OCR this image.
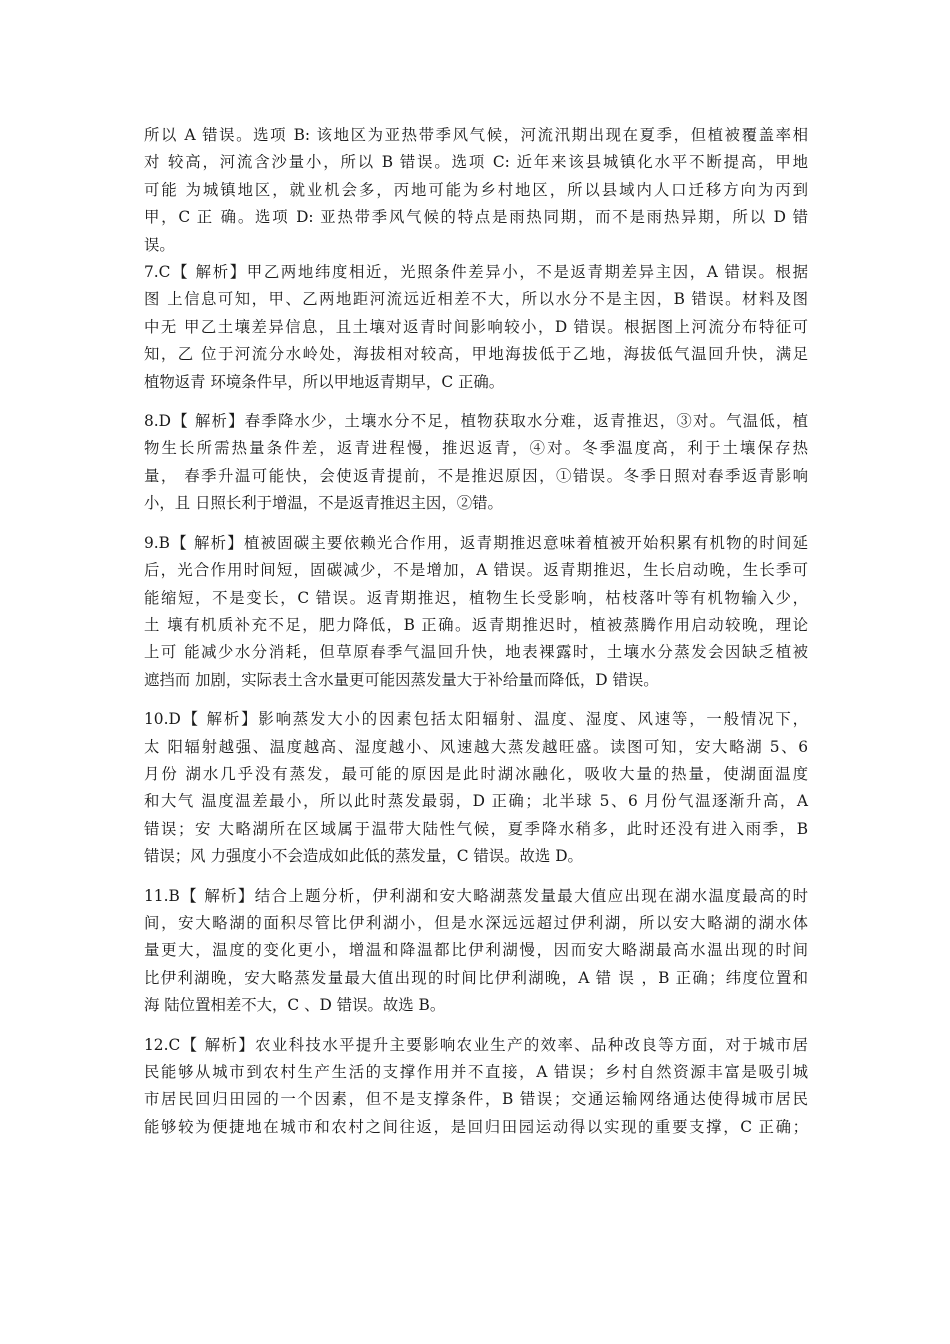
所以 A 错误。选项 B: 该地区为亚热带季风气候，河流汛期出现在夏季，但植被覆盖率相
对 较高，河流含沙量小，所以 B 错误。选项 C: 近年来该县城镇化水平不断提高，甲地
可能 为城镇地区，就业机会多，丙地可能为乡村地区，所以县域内人口迁移方向为丙到
甲，C 正 确。选项 D: 亚热带季风气候的特点是雨热同期，而不是雨热异期，所以 D 错
误。

7.C【 解析】甲乙两地纬度相近，光照条件差异小，不是返青期差异主因，A 错误。根据
图 上信息可知，甲、乙两地距河流远近相差不大，所以水分不是主因，B 错误。材料及图
中无 甲乙土壤差异信息，且土壤对返青时间影响较小，D 错误。根据图上河流分布特征可
知，乙 位于河流分水岭处，海拔相对较高，甲地海拔低于乙地，海拔低气温回升快，满足
植物返青 环境条件早，所以甲地返青期早，C 正确。

8.D【 解析】春季降水少，土壤水分不足，植物获取水分难，返青推迟，③对。气温低，植
物生长所需热量条件差，返青进程慢，推迟返青，④对。冬季温度高，利于土壤保存热
量， 春季升温可能快，会使返青提前，不是推迟原因，①错误。冬季日照对春季返青影响
小，且 日照长利于增温，不是返青推迟主因，②错。

9.B【 解析】植被固碳主要依赖光合作用，返青期推迟意味着植被开始积累有机物的时间延
后，光合作用时间短，固碳减少，不是增加，A 错误。返青期推迟，生长启动晚，生长季可
能缩短，不是变长，C 错误。返青期推迟，植物生长受影响，枯枝落叶等有机物输入少，
土 壤有机质补充不足，肥力降低，B 正确。返青期推迟时，植被蒸腾作用启动较晚，理论
上可 能减少水分消耗，但草原春季气温回升快，地表裸露时，土壤水分蒸发会因缺乏植被
遮挡而 加剧，实际表土含水量更可能因蒸发量大于补给量而降低，D 错误。

10.D【 解析】影响蒸发大小的因素包括太阳辐射、温度、湿度、风速等，一般情况下，
太 阳辐射越强、温度越高、湿度越小、风速越大蒸发越旺盛。读图可知，安大略湖 5、6
月份 湖水几乎没有蒸发，最可能的原因是此时湖冰融化，吸收大量的热量，使湖面温度
和大气 温度温差最小，所以此时蒸发最弱，D 正确；北半球 5、6 月份气温逐渐升高，A
错误；安 大略湖所在区域属于温带大陆性气候，夏季降水稍多，此时还没有进入雨季，B
错误；风 力强度小不会造成如此低的蒸发量，C 错误。故选 D。

11.B【 解析】结合上题分析，伊利湖和安大略湖蒸发量最大值应出现在湖水温度最高的时
间，安大略湖的面积尽管比伊利湖小，但是水深远远超过伊利湖，所以安大略湖的湖水体
量更大，温度的变化更小，增温和降温都比伊利湖慢，因而安大略湖最高水温出现的时间
比伊利湖晚，安大略蒸发量最大值出现的时间比伊利湖晚，A 错 误 ，B 正确；纬度位置和
海 陆位置相差不大，C 、D 错误。故选 B。

12.C【 解析】农业科技水平提升主要影响农业生产的效率、品种改良等方面，对于城市居
民能够从城市到农村生产生活的支撑作用并不直接，A 错误；乡村自然资源丰富是吸引城
市居民回归田园的一个因素，但不是支撑条件，B 错误；交通运输网络通达使得城市居民
能够较为便捷地在城市和农村之间往返，是回归田园运动得以实现的重要支撑，C 正确；
